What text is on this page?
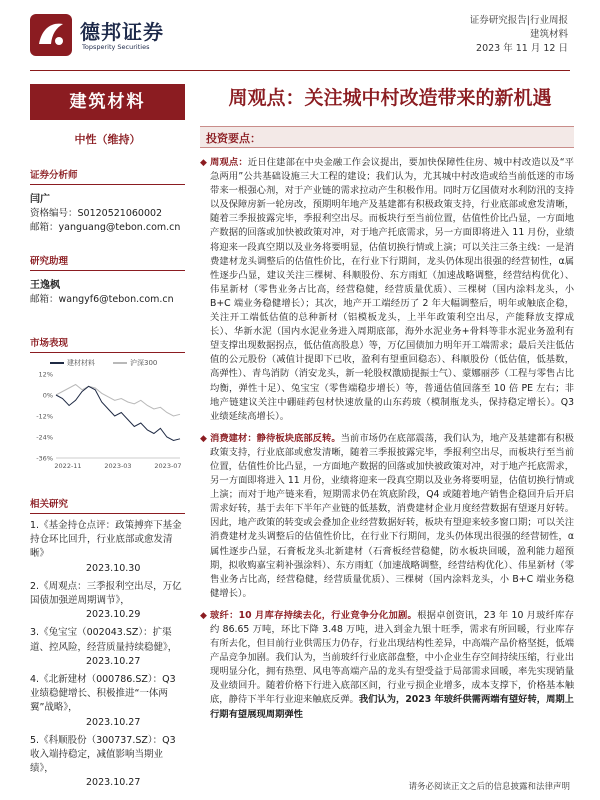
德邦证券
Topsperity Securities
证券研究报告|行业周报
建筑材料
2023 年 11 月 12 日
建筑材料
中性（维持）
证券分析师
闫广
资格编号：S0120521060002
邮箱：yanguang@tebon.com.cn
研究助理
王逸枫
邮箱：wangyf6@tebon.com.cn
市场表现
建材材料	沪深300
12%
0%
-12%
-24%
-36%
2022-11	2023-03	2023-07
相关研究
1.《基金持仓点评：政策搏弈下基金持仓环比回升，行业底部或愈发清晰》
2023.10.30
2.《周观点：三季报利空出尽，万亿国债加强逆周期调节》，
2023.10.29
3.《兔宝宝（002043.SZ）：扩渠道、控风险，经营质量持续稳健》，
2023.10.27
4.《北新建材（000786.SZ）：Q3业绩稳健增长、积极推进“一体两翼”战略》，
2023.10.27
5.《科顺股份（300737.SZ）：Q3收入端持稳定，减值影响当期业绩》，
2023.10.27
周观点：关注城中村改造带来的新机遇
投资要点：
◆ 周观点：近日住建部在中央金融工作会议提出，要加快保障性住房、城中村改造以及“平急两用”公共基础设施三大工程的建设；我们认为，尤其城中村改造或给当前低迷的市场带来一根强心剂，对于产业链的需求拉动产生积极作用。同时万亿国债对水利防汛的支持以及保障房新一轮房改，预期明年地产及基建都有积极政策支持，行业底部或愈发清晰，随着三季报披露完毕，季报利空出尽。而板块行至当前位置，估值性价比凸显，一方面地产数据的回落或加快被政策对冲，对于地产托底需求，另一方面即将进入 11 月份，业绩将迎来一段真空期以及业务将要明显，估值切换行情或上演；可以关注三条主线：一是消费建材龙头调整后的估值性价比，在行业下行期间，龙头仍体现出很强的经营韧性，α属性逐步凸显，建议关注三棵树、科顺股份、东方雨虹（加速战略调整，经营结构优化）、伟星新材（零售业务占比高，经营稳健，经营质量优质）、三棵树（国内涂料龙头，小 B+C 端业务稳健增长）；其次，地产开工端经历了 2 年大幅调整后，明年或触底企稳，关注开工端低估值的总种新材（铝模板龙头，上半年政策利空出尽，产能释放支撑成长）、华新水泥（国内水泥业务进入周期底部，海外水泥业务+骨料等非水泥业务盈利有望支撑出现数据拐点，低估值高股息）等，万亿国债加力明年开工端需求；最后关注低估值的公元股份（减值计提即下已收，盈利有望重回稳态）、科顺股份（低估值，低基数，高弹性）、青鸟消防（消安龙头，新一轮股权激励提振士气）、蒙娜丽莎（工程与零售占比均衡，弹性十足）、兔宝宝（零售端稳步增长）等，普通估值回落至 10 倍 PE 左右；非地产链建议关注中硼硅药包材快速放量的山东药玻（模制瓶龙头，保持稳定增长）。Q3 业绩延续高增长）。
◆ 消费建材：静待板块底部反转。当前市场仍在底部震荡，我们认为，地产及基建都有积极政策支持，行业底部或愈发清晰，随着三季报披露完毕，季报利空出尽，而板块行至当前位置，估值性价比凸显，一方面地产数据的回落或加快被政策对冲，对于地产托底需求，另一方面即将进入 11 月份，业绩将迎来一段真空期以及业务将要明显，估值切换行情或上演；而对于地产链来看，短期需求仍在筑底阶段，Q4 或随着地产销售企稳回升后开启需求好转，基于去年下半年产业链的低基数，消费建材企业月度经营数据有望逐月好转。因此，地产政策的转变或会叠加企业经营数据好转，板块有望迎来较多窗口期；可以关注消费建材龙头调整后的估值性价比，在行业下行期间，龙头仍体现出很强的经营韧性，α属性逐步凸显，石膏板龙头北新建材（石膏板经营稳健，防水板块回暖，盈利能力超预期，拟收购嘉宝莉补强涂料）、东方雨虹（加速战略调整，经营结构优化）、伟星新材（零售业务占比高，经营稳健，经营质量优质）、三棵树（国内涂料龙头，小 B+C 端业务稳健增长）。
◆ 玻纤：10 月库存持续去化，行业竞争分化加剧。根据卓创资讯，23 年 10 月玻纤库存约 86.65 万吨，环比下降 3.48 万吨，进入到金九银十旺季，需求有所回暖，行业库存有所去化，但目前行业供需压力仍存，行业出现结构性差异，中高端产品价格坚挺，低端产品竞争加剧。我们认为，当前玻纤行业底部盘整，中小企业生存空间持续压缩，行业出现明显分化，拥有热塑、风电等高端产品的龙头有望受益于局部需求回暖，率先实现销量及业绩回升。随着价格下行进入底部区间，行业亏损企业增多，成本支撑下，价格基本触底，静待下半年行业迎来触底反弹。我们认为，2023 年玻纤供需两端有望好转，周期上行期有望展现周期弹性
请务必阅读正文之后的信息披露和法律声明
